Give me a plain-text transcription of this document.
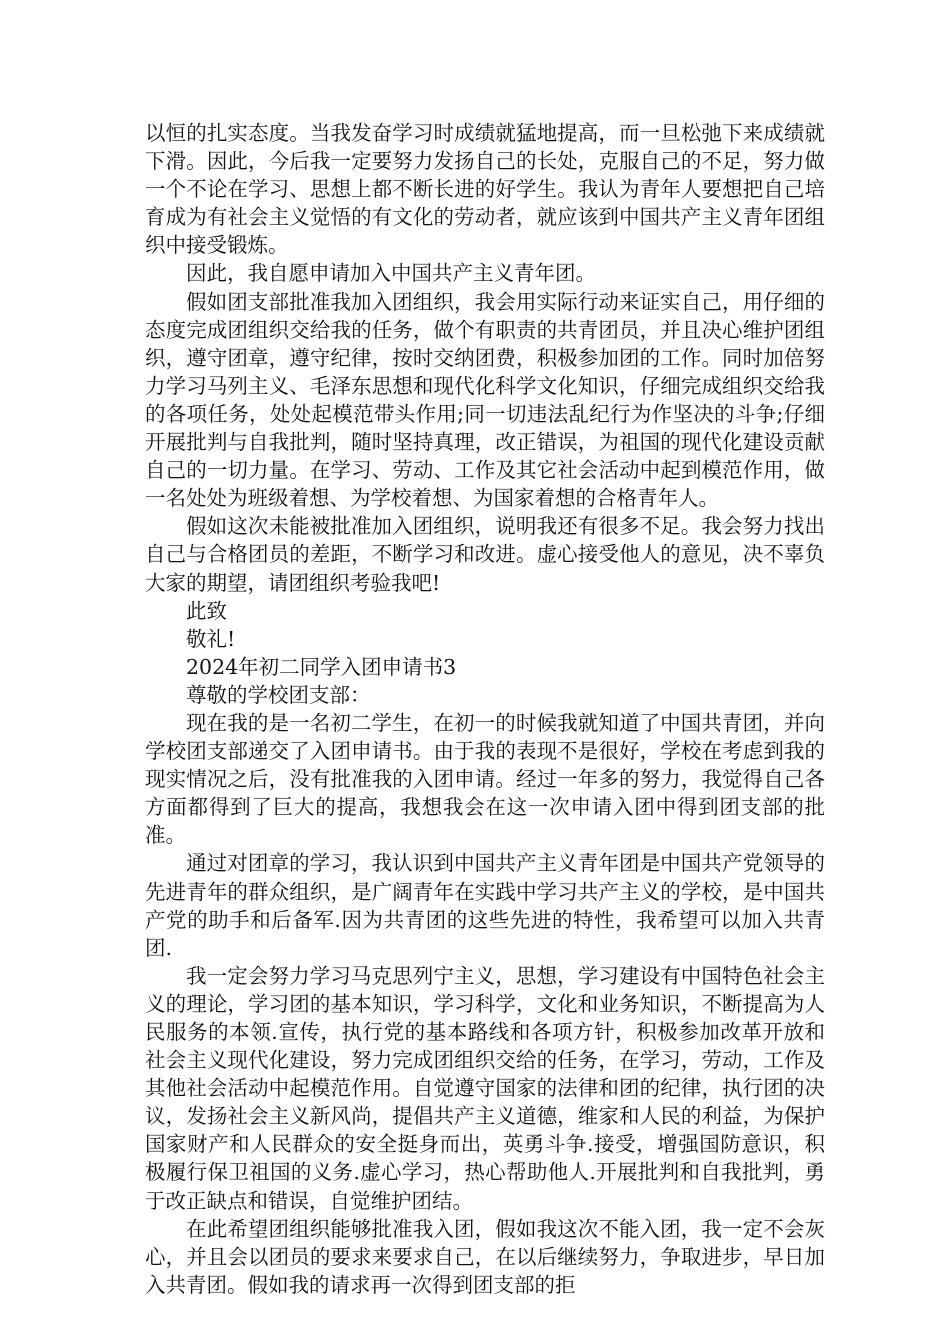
以恒的扎实态度。当我发奋学习时成绩就猛地提高，而一旦松弛下来成绩就下滑。因此，今后我一定要努力发扬自己的长处，克服自己的不足，努力做一个不论在学习、思想上都不断长进的好学生。我认为青年人要想把自己培育成为有社会主义觉悟的有文化的劳动者，就应该到中国共产主义青年团组织中接受锻炼。

因此，我自愿申请加入中国共产主义青年团。

假如团支部批准我加入团组织，我会用实际行动来证实自己，用仔细的态度完成团组织交给我的任务，做个有职责的共青团员，并且决心维护团组织，遵守团章，遵守纪律，按时交纳团费，积极参加团的工作。同时加倍努力学习马列主义、毛泽东思想和现代化科学文化知识，仔细完成组织交给我的各项任务，处处起模范带头作用;同一切违法乱纪行为作坚决的斗争;仔细开展批判与自我批判，随时坚持真理，改正错误，为祖国的现代化建设贡献自己的一切力量。在学习、劳动、工作及其它社会活动中起到模范作用，做一名处处为班级着想、为学校着想、为国家着想的合格青年人。

假如这次未能被批准加入团组织，说明我还有很多不足。我会努力找出自己与合格团员的差距，不断学习和改进。虚心接受他人的意见，决不辜负大家的期望，请团组织考验我吧!

此致

敬礼!

2024年初二同学入团申请书3

尊敬的学校团支部：

现在我的是一名初二学生，在初一的时候我就知道了中国共青团，并向学校团支部递交了入团申请书。由于我的表现不是很好，学校在考虑到我的现实情况之后，没有批准我的入团申请。经过一年多的努力，我觉得自己各方面都得到了巨大的提高，我想我会在这一次申请入团中得到团支部的批准。

通过对团章的学习，我认识到中国共产主义青年团是中国共产党领导的先进青年的群众组织，是广阔青年在实践中学习共产主义的学校，是中国共产党的助手和后备军.因为共青团的这些先进的特性，我希望可以加入共青团.

我一定会努力学习马克思列宁主义，思想，学习建设有中国特色社会主义的理论，学习团的基本知识，学习科学，文化和业务知识，不断提高为人民服务的本领.宣传，执行党的基本路线和各项方针，积极参加改革开放和社会主义现代化建设，努力完成团组织交给的任务，在学习，劳动，工作及其他社会活动中起模范作用。自觉遵守国家的法律和团的纪律，执行团的决议，发扬社会主义新风尚，提倡共产主义道德，维家和人民的利益，为保护国家财产和人民群众的安全挺身而出，英勇斗争.接受，增强国防意识，积极履行保卫祖国的义务.虚心学习，热心帮助他人.开展批判和自我批判，勇于改正缺点和错误，自觉维护团结。

在此希望团组织能够批准我入团，假如我这次不能入团，我一定不会灰心，并且会以团员的要求来要求自己，在以后继续努力，争取进步，早日加入共青团。假如我的请求再一次得到团支部的拒
